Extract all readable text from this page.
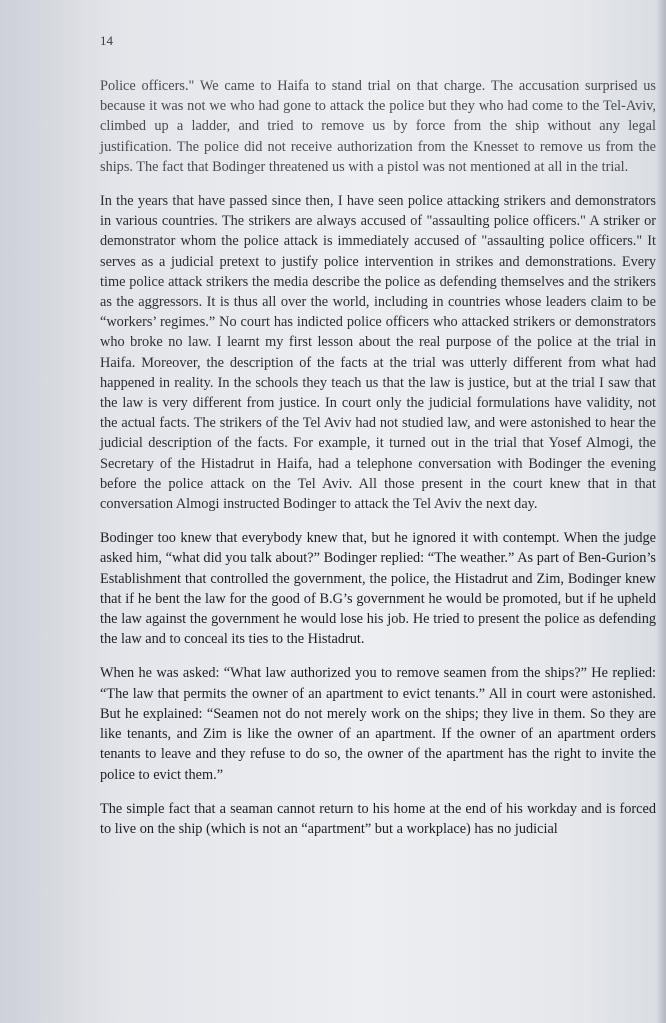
14

Police officers." We came to Haifa to stand trial on that charge. The accusation surprised us because it was not we who had gone to attack the police but they who had come to the Tel-Aviv, climbed up a ladder, and tried to remove us by force from the ship without any legal justification. The police did not receive authorization from the Knesset to remove us from the ships. The fact that Bodinger threatened us with a pistol was not mentioned at all in the trial.

In the years that have passed since then, I have seen police attacking strikers and demonstrators in various countries. The strikers are always accused of "assaulting police officers." A striker or demonstrator whom the police attack is immediately accused of "assaulting police officers." It serves as a judicial pretext to justify police intervention in strikes and demonstrations. Every time police attack strikers the media describe the police as defending themselves and the strikers as the aggressors. It is thus all over the world, including in countries whose leaders claim to be “workers’ regimes.” No court has indicted police officers who attacked strikers or demonstrators who broke no law. I learnt my first lesson about the real purpose of the police at the trial in Haifa. Moreover, the description of the facts at the trial was utterly different from what had happened in reality. In the schools they teach us that the law is justice, but at the trial I saw that the law is very different from justice. In court only the judicial formulations have validity, not the actual facts. The strikers of the Tel Aviv had not studied law, and were astonished to hear the judicial description of the facts. For example, it turned out in the trial that Yosef Almogi, the Secretary of the Histadrut in Haifa, had a telephone conversation with Bodinger the evening before the police attack on the Tel Aviv. All those present in the court knew that in that conversation Almogi instructed Bodinger to attack the Tel Aviv the next day.

Bodinger too knew that everybody knew that, but he ignored it with contempt. When the judge asked him, “what did you talk about?” Bodinger replied: “The weather.” As part of Ben-Gurion’s Establishment that controlled the government, the police, the Histadrut and Zim, Bodinger knew that if he bent the law for the good of B.G’s government he would be promoted, but if he upheld the law against the government he would lose his job. He tried to present the police as defending the law and to conceal its ties to the Histadrut.

When he was asked: “What law authorized you to remove seamen from the ships?” He replied: “The law that permits the owner of an apartment to evict tenants.” All in court were astonished. But he explained: “Seamen not do not merely work on the ships; they live in them. So they are like tenants, and Zim is like the owner of an apartment. If the owner of an apartment orders tenants to leave and they refuse to do so, the owner of the apartment has the right to invite the police to evict them.”

The simple fact that a seaman cannot return to his home at the end of his workday and is forced to live on the ship (which is not an “apartment” but a workplace) has no judicial
